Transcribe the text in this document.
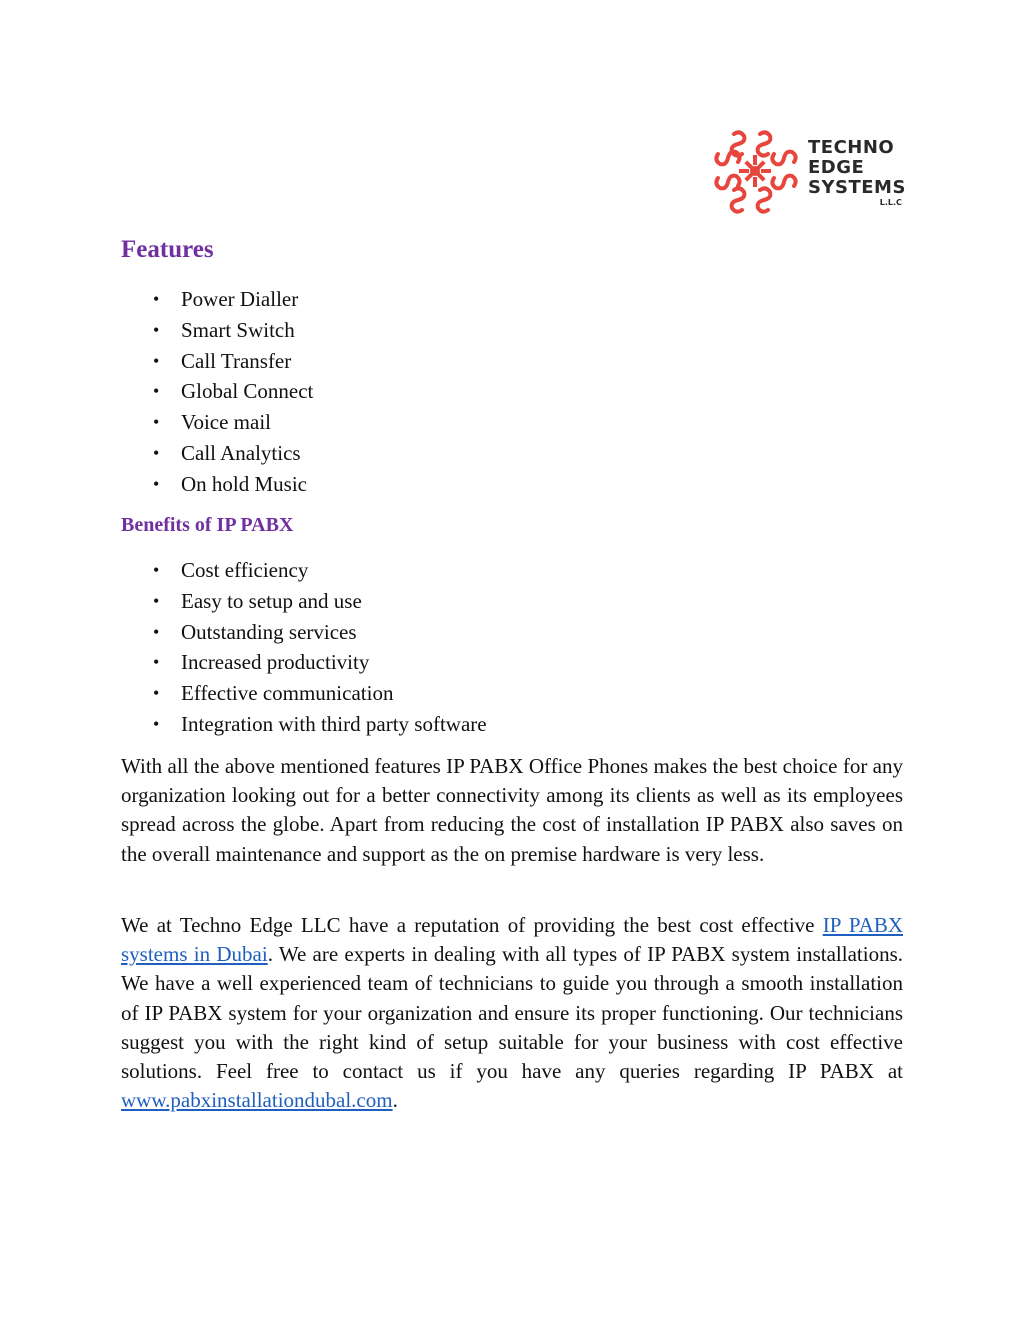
TECHNO
EDGE
SYSTEMS
L.L.C
Features
• Power Dialler
• Smart Switch
• Call Transfer
• Global Connect
• Voice mail
• Call Analytics
• On hold Music
Benefits of IP PABX
• Cost efficiency
• Easy to setup and use
• Outstanding services
• Increased productivity
• Effective communication
• Integration with third party software

With all the above mentioned features IP PABX Office Phones makes the best choice for any organization looking out for a better connectivity among its clients as well as its employees spread across the globe. Apart from reducing the cost of installation IP PABX also saves on the overall maintenance and support as the on premise hardware is very less.

We at Techno Edge LLC have a reputation of providing the best cost effective IP PABX systems in Dubai. We are experts in dealing with all types of IP PABX system installations. We have a well experienced team of technicians to guide you through a smooth installation of IP PABX system for your organization and ensure its proper functioning. Our technicians suggest you with the right kind of setup suitable for your business with cost effective solutions. Feel free to contact us if you have any queries regarding IP PABX at www.pabxinstallationdubal.com.
